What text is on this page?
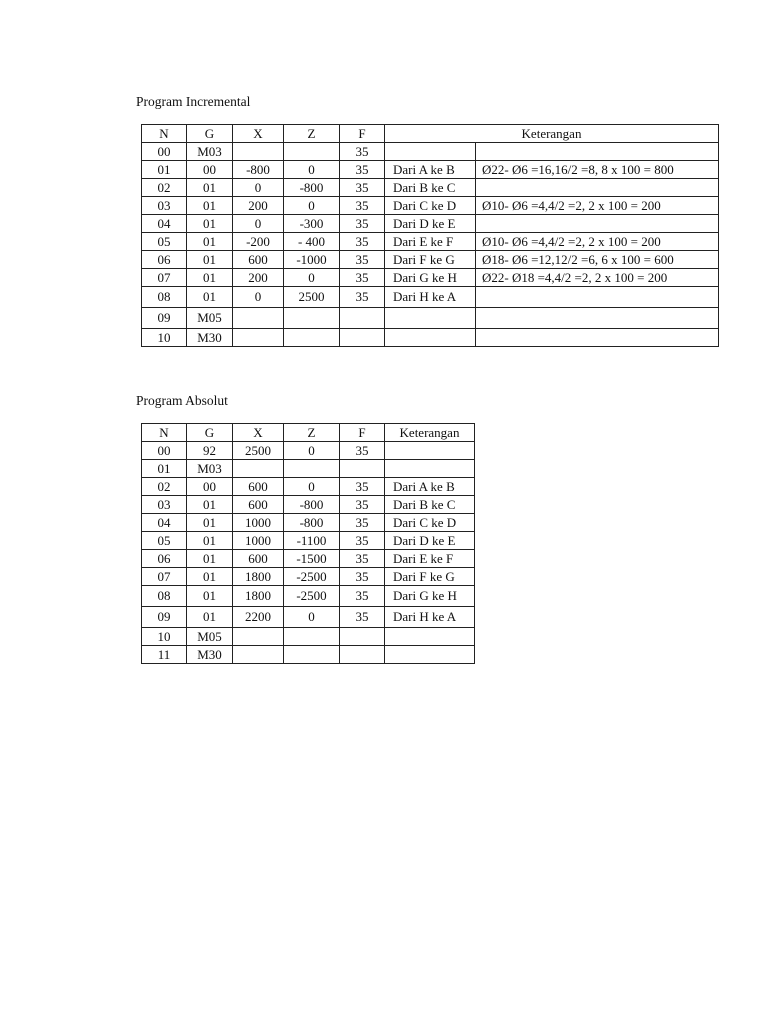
Program Incremental
N	G	X	Z	F	Keterangan	
00	M03			35		
01	00	-800	0	35	Dari A ke B	Ø22- Ø6 =16,16/2 =8, 8 x 100 = 800
02	01	0	-800	35	Dari B ke C	
03	01	200	0	35	Dari C ke D	Ø10- Ø6 =4,4/2 =2, 2 x 100 = 200
04	01	0	-300	35	Dari D ke E	
05	01	-200	- 400	35	Dari E ke F	Ø10- Ø6 =4,4/2 =2, 2 x 100 = 200
06	01	600	-1000	35	Dari F ke G	Ø18- Ø6 =12,12/2 =6, 6 x 100 = 600
07	01	200	0	35	Dari G ke H	Ø22- Ø18 =4,4/2 =2, 2 x 100 = 200
08	01	0	2500	35	Dari H ke A	
09	M05					
10	M30					
Program Absolut
N	G	X	Z	F	Keterangan
00	92	2500	0	35	
01	M03				
02	00	600	0	35	Dari A ke B
03	01	600	-800	35	Dari B ke C
04	01	1000	-800	35	Dari C ke D
05	01	1000	-1100	35	Dari D ke E
06	01	600	-1500	35	Dari E ke F
07	01	1800	-2500	35	Dari F ke G
08	01	1800	-2500	35	Dari G ke H
09	01	2200	0	35	Dari H ke A
10	M05				
11	M30				
